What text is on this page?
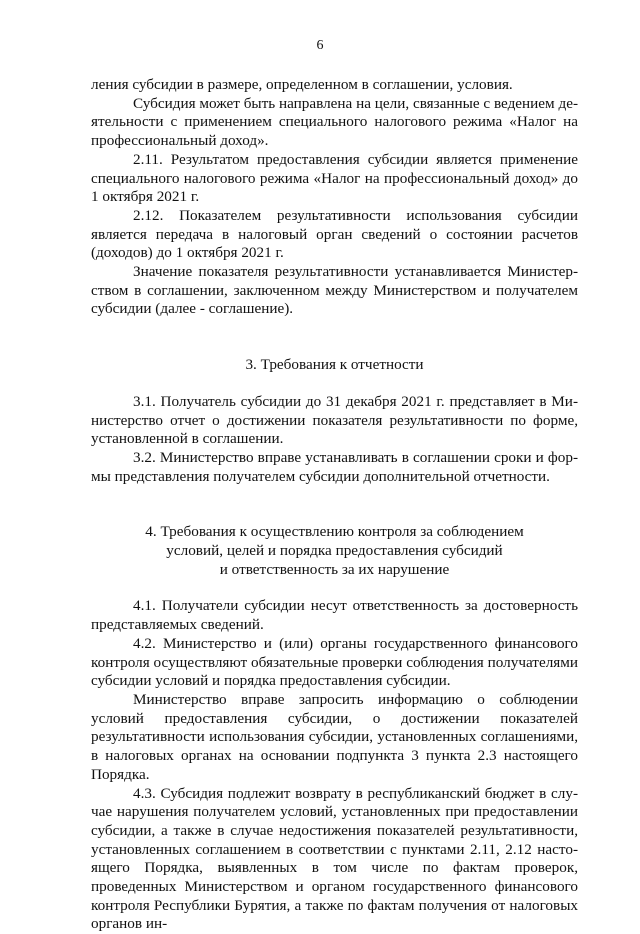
6

ления субсидии в размере, определенном в соглашении, условия.

Субсидия может быть направлена на цели, связанные с ведением деятельности с применением специального налогового режима «Налог на профессиональный доход».

2.11. Результатом предоставления субсидии является применение специального налогового режима «Налог на профессиональный доход» до 1 октября 2021 г.

2.12. Показателем результативности использования субсидии является передача в налоговый орган сведений о состоянии расчетов (доходов) до 1 октября 2021 г.

Значение показателя результативности устанавливается Министерством в соглашении, заключенном между Министерством и получателем субсидии (далее - соглашение).

3. Требования к отчетности

3.1. Получатель субсидии до 31 декабря 2021 г. представляет в Министерство отчет о достижении показателя результативности по форме, установленной в соглашении.

3.2. Министерство вправе устанавливать в соглашении сроки и формы представления получателем субсидии дополнительной отчетности.

4. Требования к осуществлению контроля за соблюдением
условий, целей и порядка предоставления субсидий
и ответственность за их нарушение

4.1. Получатели субсидии несут ответственность за достоверность представляемых сведений.

4.2. Министерство и (или) органы государственного финансового контроля осуществляют обязательные проверки соблюдения получателями субсидии условий и порядка предоставления субсидии.

Министерство вправе запросить информацию о соблюдении условий предоставления субсидии, о достижении показателей результативности использования субсидии, установленных соглашениями, в налоговых органах на основании подпункта 3 пункта 2.3 настоящего Порядка.

4.3. Субсидия подлежит возврату в республиканский бюджет в случае нарушения получателем условий, установленных при предоставлении субсидии, а также в случае недостижения показателей результативности, установленных соглашением в соответствии с пунктами 2.11, 2.12 настоящего Порядка, выявленных в том числе по фактам проверок, проведенных Министерством и органом государственного финансового контроля Республики Бурятия, а также по фактам получения от налоговых органов ин-
